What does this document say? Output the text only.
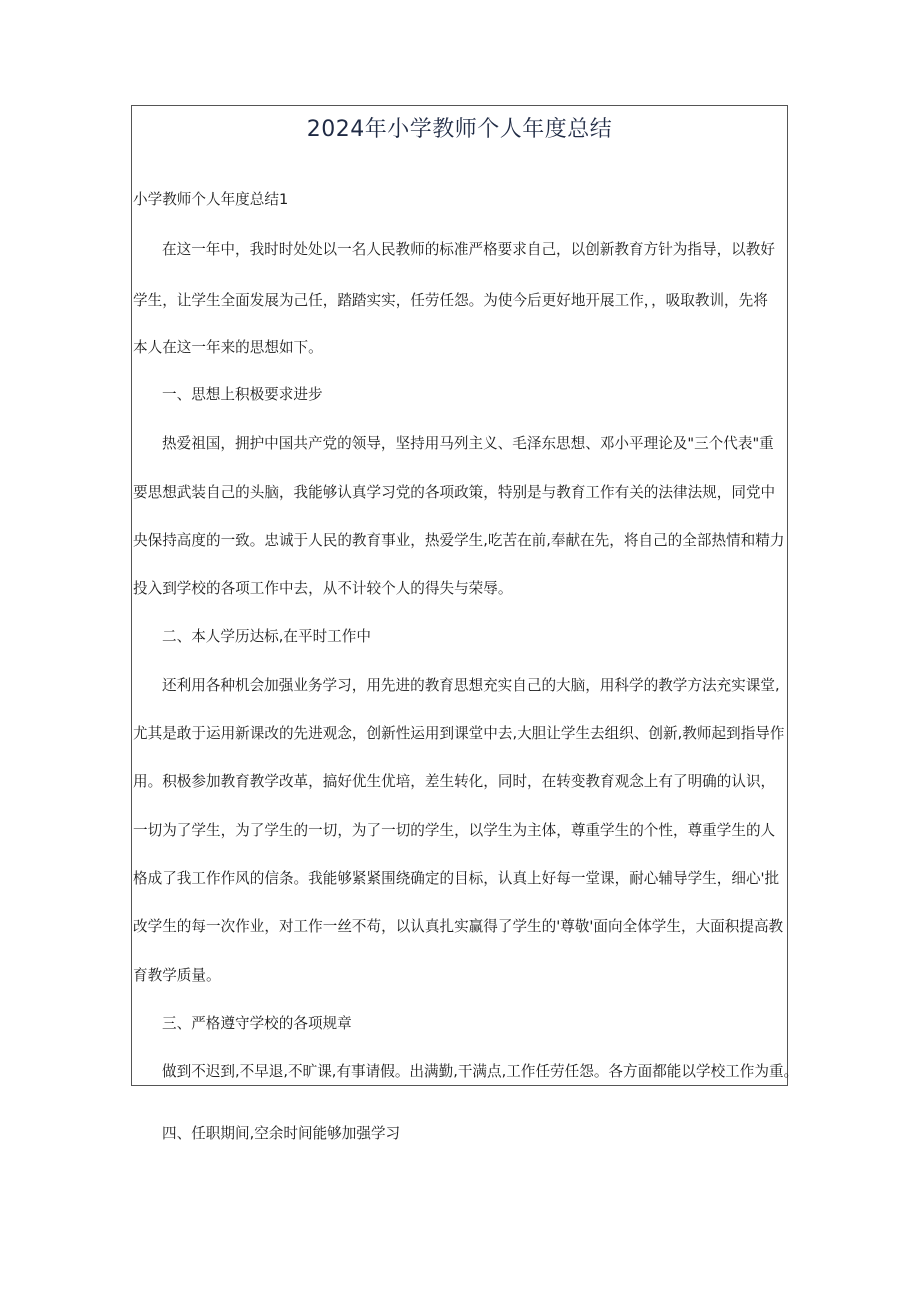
2024年小学教师个人年度总结
小学教师个人年度总结1
在这一年中，我时时处处以一名人民教师的标准严格要求自己，以创新教育方针为指导，以教好
学生，让学生全面发展为己任，踏踏实实，任劳任怨。为使今后更好地开展工作，，吸取教训，先将
本人在这一年来的思想如下。
一、思想上积极要求进步
热爱祖国，拥护中国共产党的领导，坚持用马列主义、毛泽东思想、邓小平理论及"三个代表"重
要思想武装自己的头脑，我能够认真学习党的各项政策，特别是与教育工作有关的法律法规，同党中
央保持高度的一致。忠诚于人民的教育事业，热爱学生,吃苦在前,奉献在先，将自己的全部热情和精力
投入到学校的各项工作中去，从不计较个人的得失与荣辱。
二、本人学历达标,在平时工作中
还利用各种机会加强业务学习，用先进的教育思想充实自己的大脑，用科学的教学方法充实课堂,
尤其是敢于运用新课改的先进观念，创新性运用到课堂中去,大胆让学生去组织、创新,教师起到指导作
用。积极参加教育教学改革，搞好优生优培，差生转化，同时，在转变教育观念上有了明确的认识，
一切为了学生，为了学生的一切，为了一切的学生，以学生为主体，尊重学生的个性，尊重学生的人
格成了我工作作风的信条。我能够紧紧围绕确定的目标，认真上好每一堂课，耐心辅导学生，细心'批
改学生的每一次作业，对工作一丝不苟，以认真扎实赢得了学生的'尊敬'面向全体学生，大面积提高教
育教学质量。
三、严格遵守学校的各项规章
做到不迟到,不早退,不旷课,有事请假。出满勤,干满点,工作任劳任怨。各方面都能以学校工作为重。
四、任职期间,空余时间能够加强学习
